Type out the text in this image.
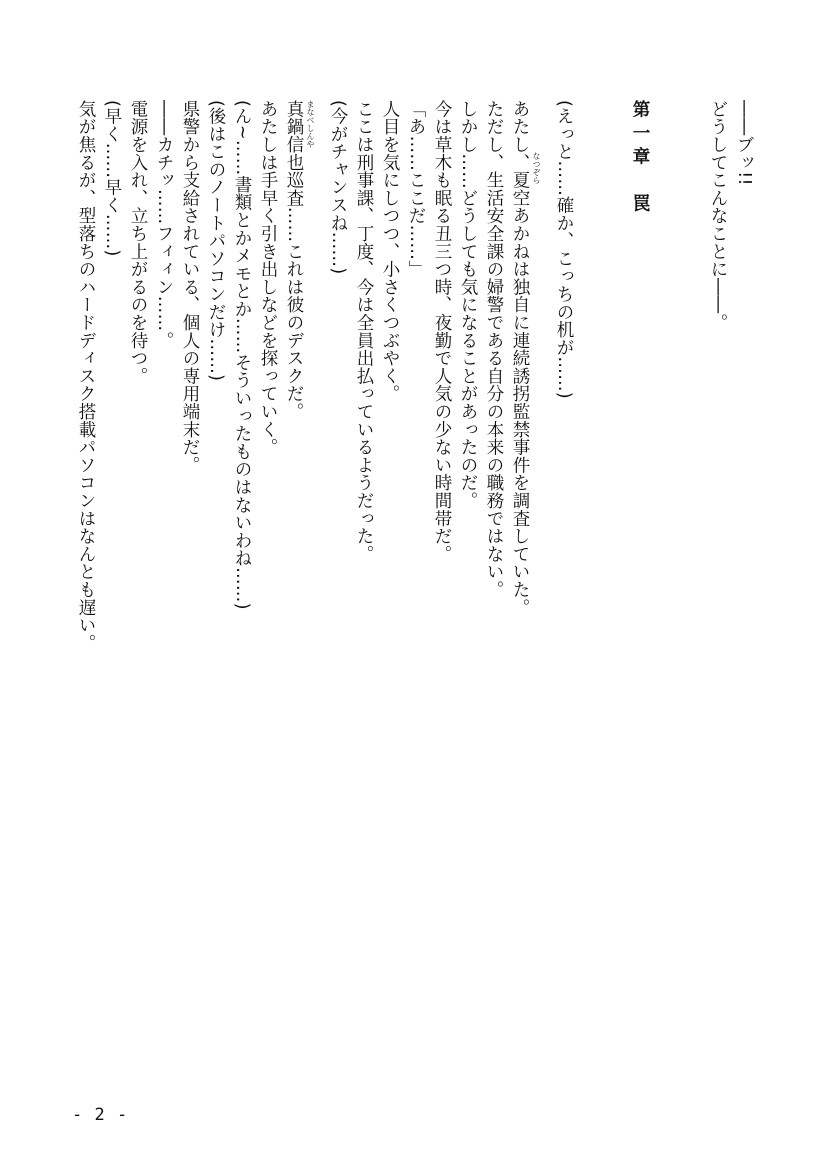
――ブッ!!
どうしてこんなことに――。
第一章　罠
(えっと……確か、こっちの机が……)
あたし、夏空あかねは独自に連続誘拐監禁事件を調査していた。
ただし、生活安全課の婦警である自分の本来の職務ではない。
しかし……どうしても気になることがあったのだ。
今は草木も眠る丑三つ時、夜勤で人気の少ない時間帯だ。
「あ……ここだ……」
人目を気にしつつ、小さくつぶやく。
ここは刑事課、丁度、今は全員出払っているようだった。
(今がチャンスね……)
真鍋信也巡査……これは彼のデスクだ。
あたしは手早く引き出しなどを探っていく。
(ん~……書類とかメモとか……そういったものはないわね……)
(後はこのノートパソコンだけ……)
県警から支給されている、個人の専用端末だ。
――カチッ……フィィン……。
電源を入れ、立ち上がるのを待つ。
(早く……早く……)
気が焦るが、型落ちのハードディスク搭載パソコンはなんとも遅い。	なつぞら
まなべしんや
- 2 -
